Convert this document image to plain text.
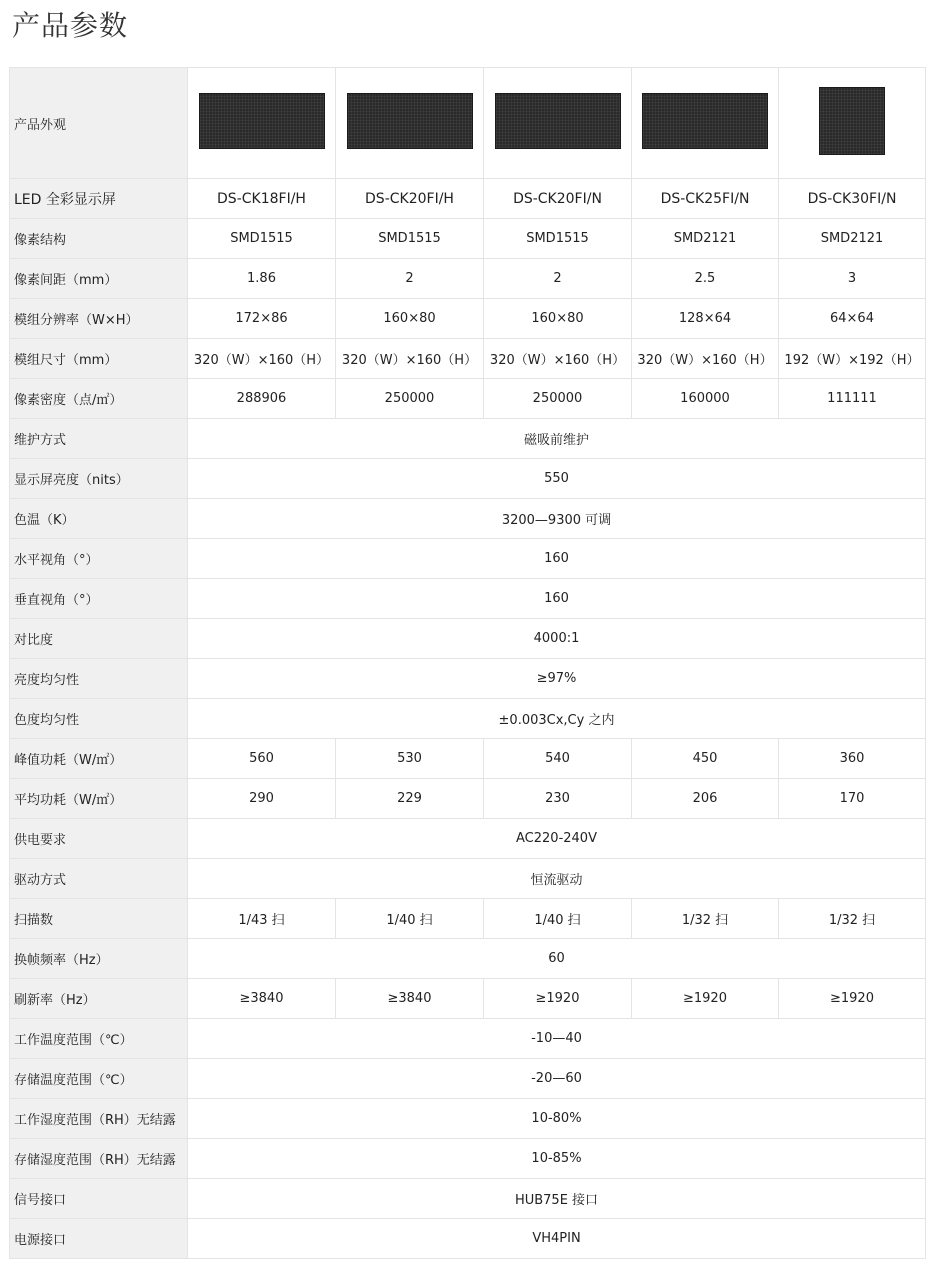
产品参数
产品外观					
LED 全彩显示屏	DS-CK18FI/H	DS-CK20FI/H	DS-CK20FI/N	DS-CK25FI/N	DS-CK30FI/N
像素结构	SMD1515	SMD1515	SMD1515	SMD2121	SMD2121
像素间距（mm）	1.86	2	2	2.5	3
模组分辨率（W×H）	172×86	160×80	160×80	128×64	64×64
模组尺寸（mm）	320（W）×160（H）	320（W）×160（H）	320（W）×160（H）	320（W）×160（H）	192（W）×192（H）
像素密度（点/㎡）	288906	250000	250000	160000	111111
维护方式	磁吸前维护				
显示屏亮度（nits）	550				
色温（K）	3200—9300 可调				
水平视角（°）	160				
垂直视角（°）	160				
对比度	4000:1				
亮度均匀性	≥97%				
色度均匀性	±0.003Cx,Cy 之内				
峰值功耗（W/㎡）	560	530	540	450	360
平均功耗（W/㎡）	290	229	230	206	170
供电要求	AC220-240V				
驱动方式	恒流驱动				
扫描数	1/43 扫	1/40 扫	1/40 扫	1/32 扫	1/32 扫
换帧频率（Hz）	60				
刷新率（Hz）	≥3840	≥3840	≥1920	≥1920	≥1920
工作温度范围（℃）	-10—40				
存储温度范围（℃）	-20—60				
工作湿度范围（RH）无结露	10-80%				
存储湿度范围（RH）无结露	10-85%				
信号接口	HUB75E 接口				
电源接口	VH4PIN				
